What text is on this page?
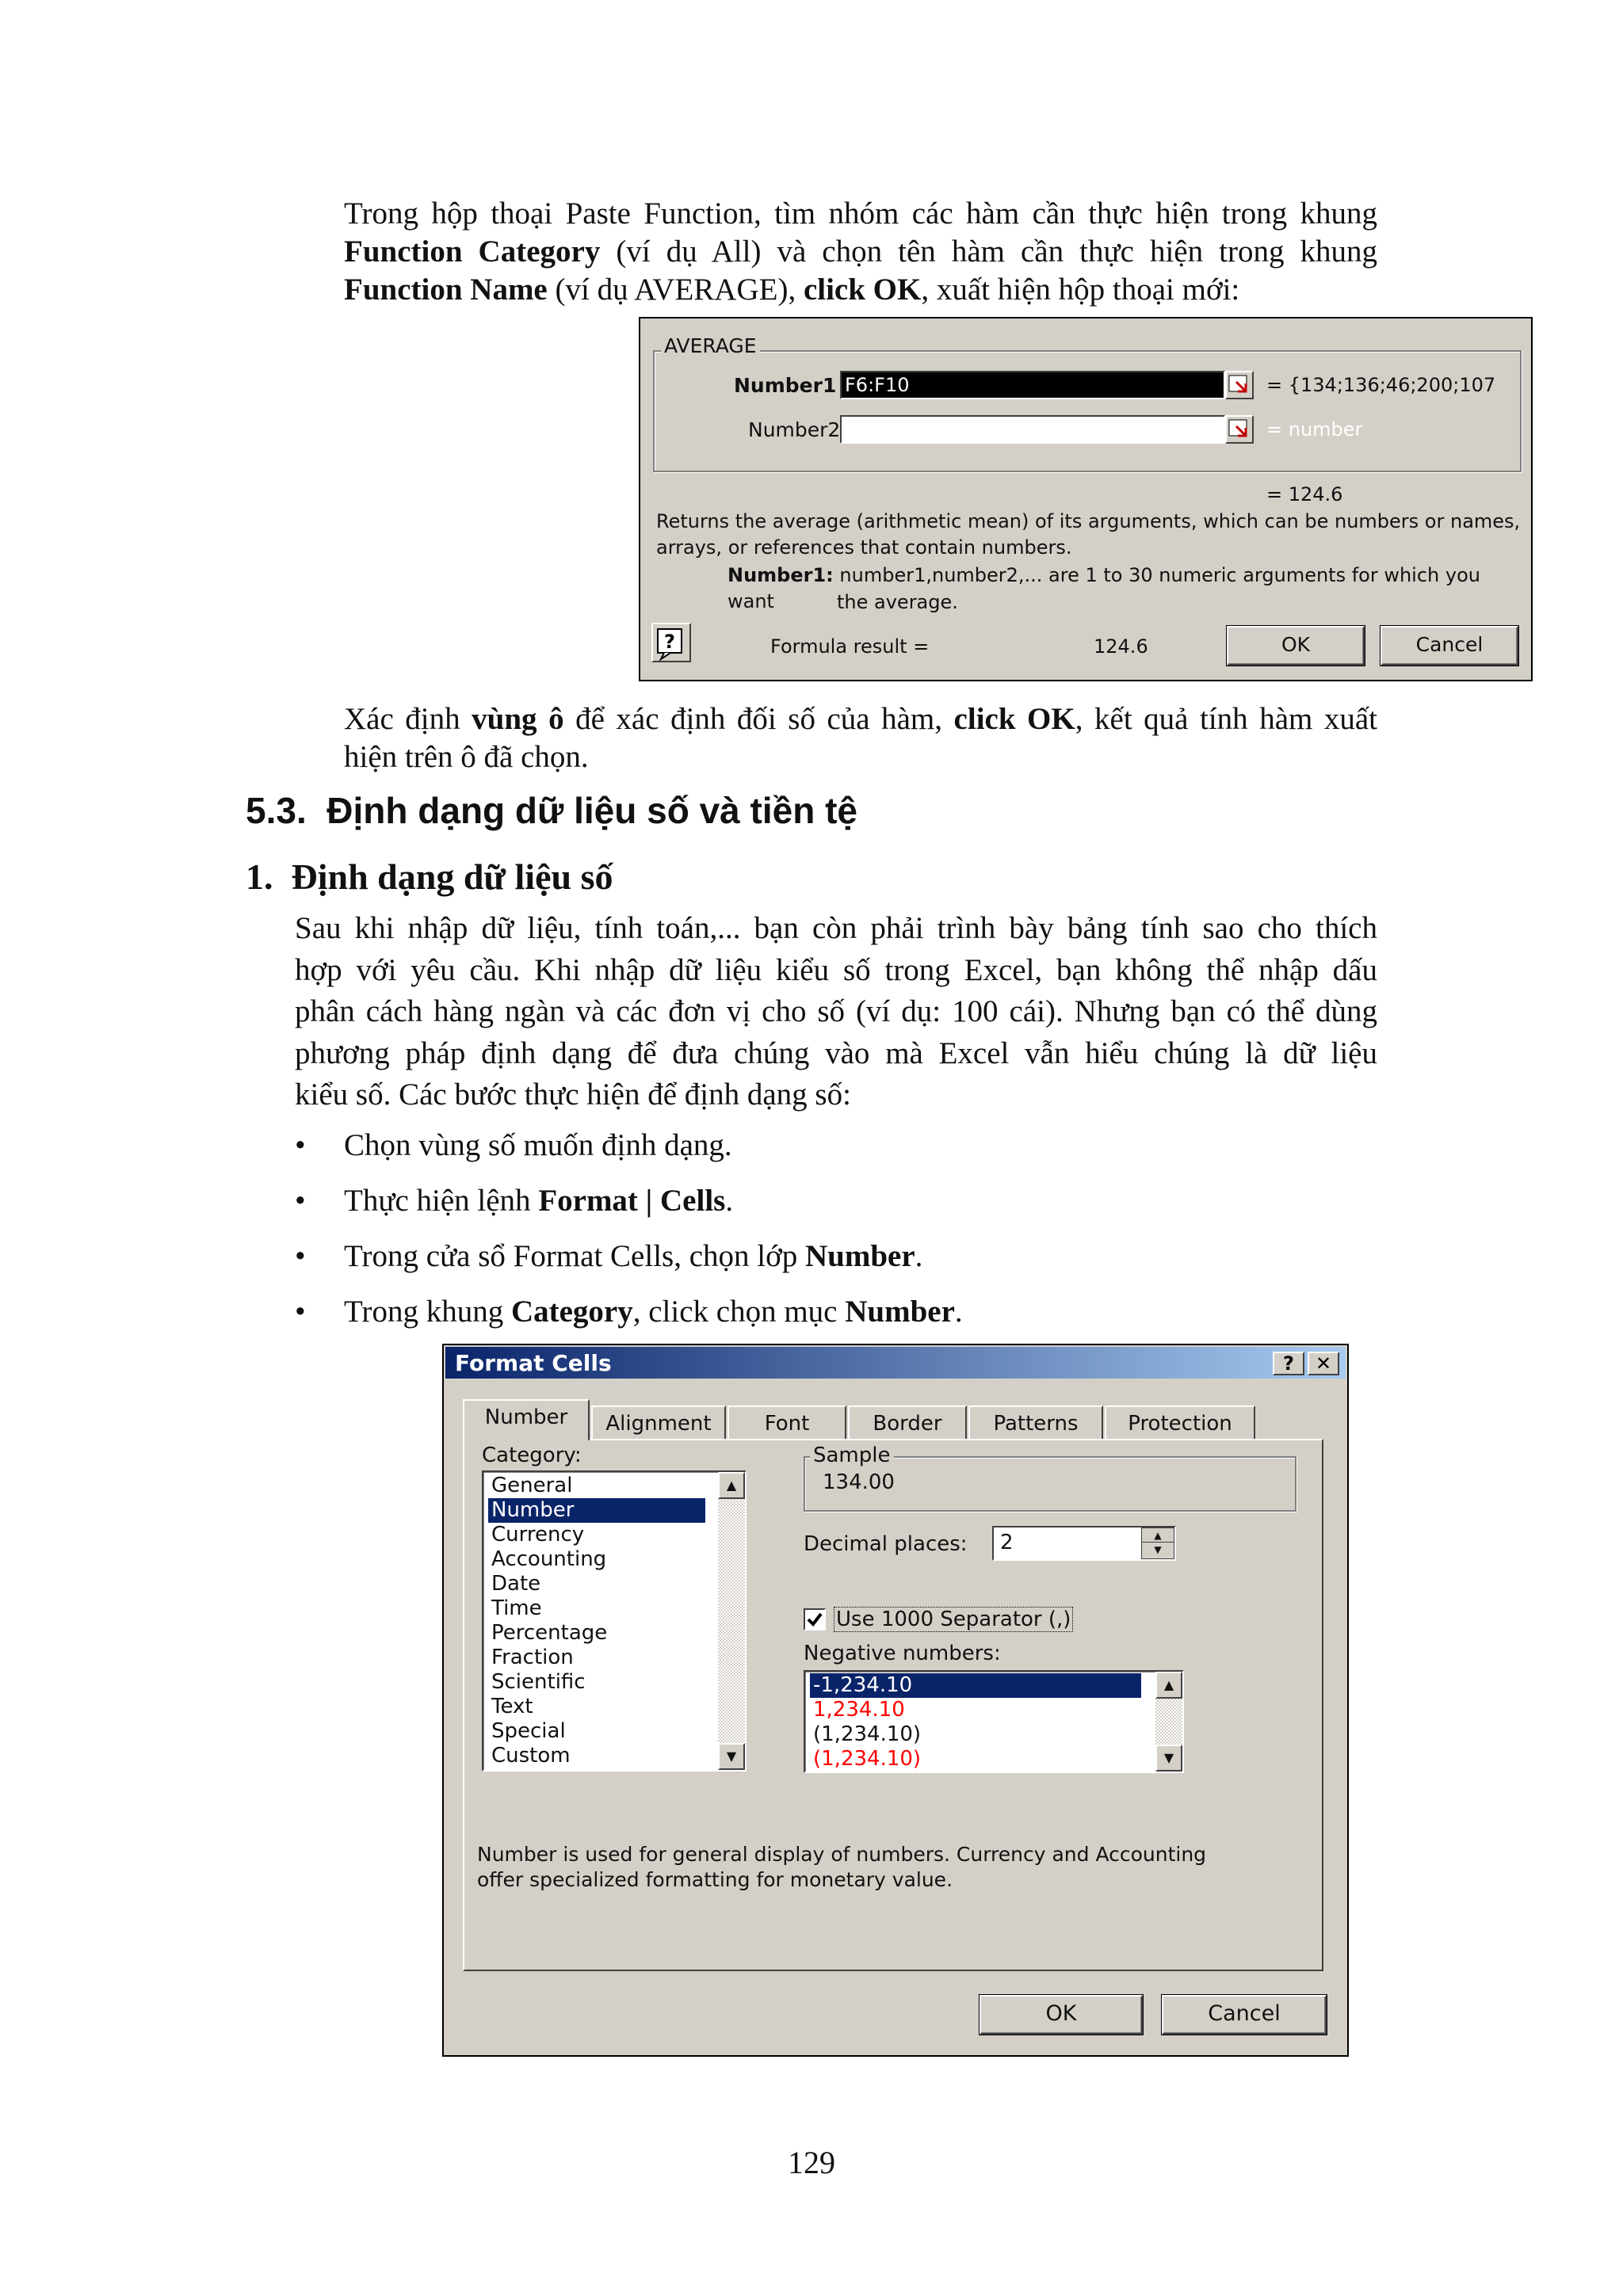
Trong hộp thoại Paste Function, tìm nhóm các hàm cần thực hiện trong khung
Function Category (ví dụ All) và chọn tên hàm cần thực hiện trong khung
Function Name (ví dụ AVERAGE), click OK, xuất hiện hộp thoại mới:
AVERAGE
Number1 F6:F10	= {134;136;46;200;107
Number2	= number
= 124.6
Returns the average (arithmetic mean) of its arguments, which can be numbers or names,
arrays, or references that contain numbers.
Number1: number1,number2,... are 1 to 30 numeric arguments for which you want	the average.
?	Formula result =	124.6	OK	Cancel
Xác định vùng ô để xác định đối số của hàm, click OK, kết quả tính hàm xuất
hiện trên ô đã chọn.
5.3.  Định dạng dữ liệu số và tiền tệ
1.  Định dạng dữ liệu số
Sau khi nhập dữ liệu, tính toán,... bạn còn phải trình bày bảng tính sao cho thích
hợp với yêu cầu. Khi nhập dữ liệu kiểu số trong Excel, bạn không thể nhập dấu
phân cách hàng ngàn và các đơn vị cho số (ví dụ: 100 cái). Nhưng bạn có thể dùng
phương pháp định dạng để đưa chúng vào mà Excel vẫn hiểu chúng là dữ liệu
kiểu số. Các bước thực hiện để định dạng số:
• Chọn vùng số muốn định dạng.
• Thực hiện lệnh Format | Cells.
• Trong cửa sổ Format Cells, chọn lớp Number.
• Trong khung Category, click chọn mục Number.
Format Cells	?	✕
Number	Alignment	Font	Border	Patterns	Protection
Category:
General
Number
Currency
Accounting
Date
Time
Percentage
Fraction
Scientific
Text
Special
Custom
▲
▼
Sample
134.00
Decimal places: 2	▲
▼
Use 1000 Separator (,)
Negative numbers:
-1,234.10
1,234.10
(1,234.10)
(1,234.10)
▲
▼
Number is used for general display of numbers. Currency and Accounting
offer specialized formatting for monetary value.
OK	Cancel
129
